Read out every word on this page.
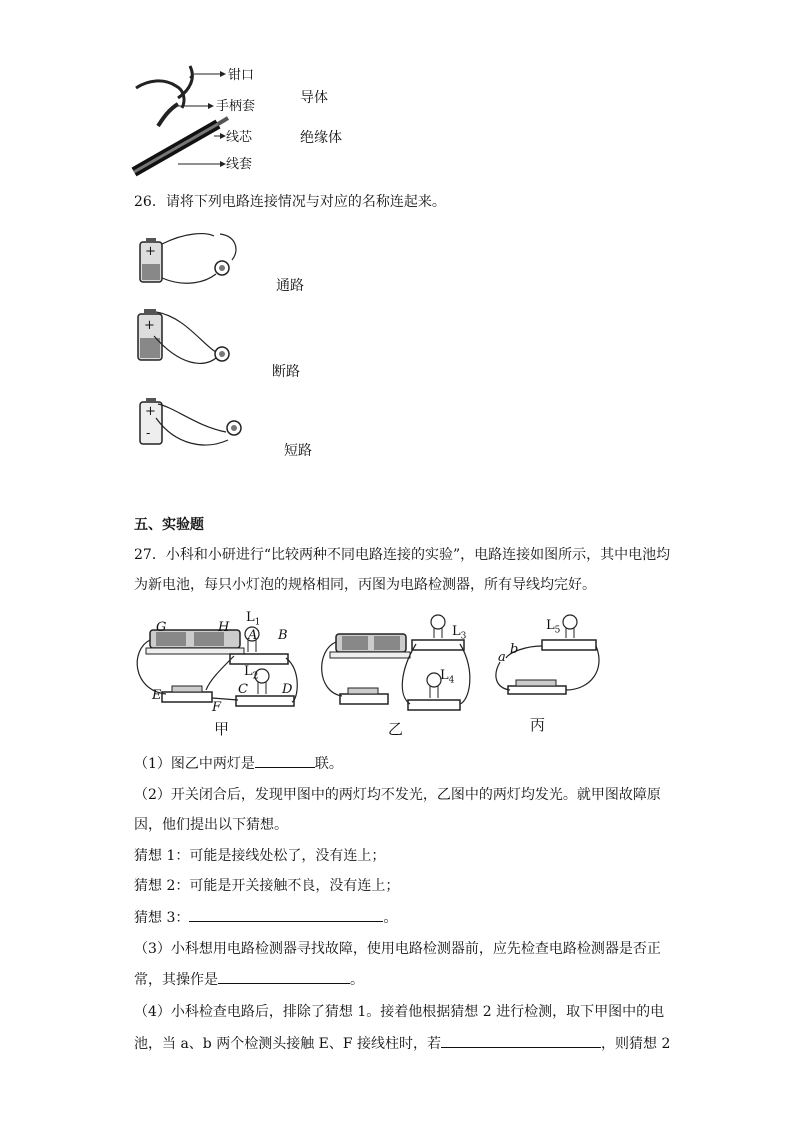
钳口
手柄套
线芯
线套
导体
绝缘体
26．请将下列电路连接情况与对应的名称连起来。
+
通路
+
断路
+
-
短路
五、实验题
27．小科和小研进行“比较两种不同电路连接的实验”，电路连接如图所示，其中电池均
为新电池，每只小灯泡的规格相同，丙图为电路检测器，所有导线均完好。
G	H
$L_1$
A B
$L_2$
C	D
E
F
$L_3$
$L_4$
$L_5$
a
b
甲	乙	丙
（1）图乙中两灯是	联。
（2）开关闭合后，发现甲图中的两灯均不发光，乙图中的两灯均发光。就甲图故障原
因，他们提出以下猜想。
猜想 1：可能是接线处松了，没有连上；
猜想 2：可能是开关接触不良，没有连上；
猜想 3：	。
（3）小科想用电路检测器寻找故障，使用电路检测器前，应先检查电路检测器是否正
常，其操作是	。
（4）小科检查电路后，排除了猜想 1。接着他根据猜想 2 进行检测，取下甲图中的电
池，当 a、b 两个检测头接触 E、F 接线柱时，若	，则猜想 2
